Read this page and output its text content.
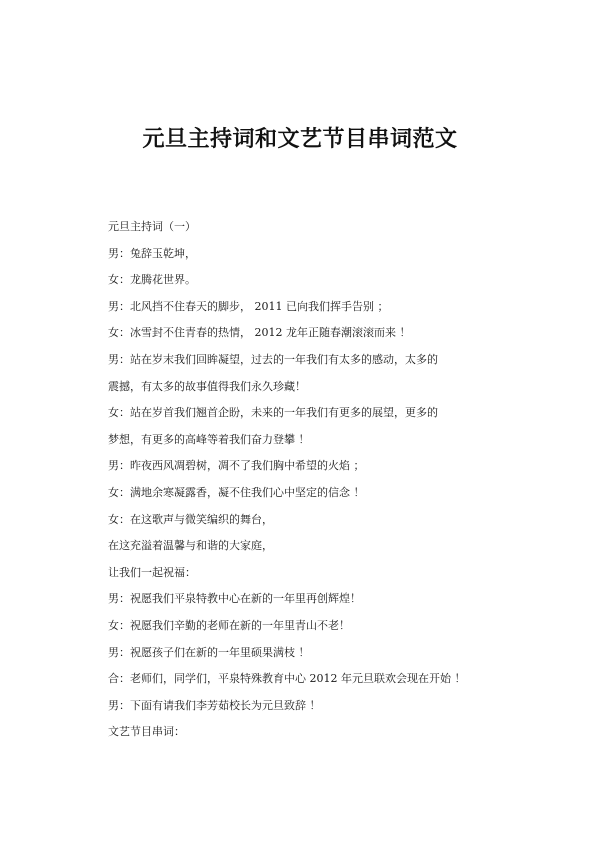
元旦主持词和文艺节目串词范文
元旦主持词（一）
男：兔辞玉乾坤，
女：龙腾花世界。
男：北风挡不住春天的脚步， 2011 已向我们挥手告别 ；
女：冰雪封不住青春的热情， 2012 龙年正随春潮滚滚而来 ！
男：站在岁末我们回眸凝望，过去的一年我们有太多的感动，太多的
震撼，有太多的故事值得我们永久珍藏！
女：站在岁首我们翘首企盼，未来的一年我们有更多的展望，更多的
梦想，有更多的高峰等着我们奋力登攀 ！
男：昨夜西风凋碧树，凋不了我们胸中希望的火焰 ；
女：满地余寒凝露香，凝不住我们心中坚定的信念 ！
女：在这歌声与微笑编织的舞台，
在这充溢着温馨与和谐的大家庭，
让我们一起祝福：
男：祝愿我们平泉特教中心在新的一年里再创辉煌！
女：祝愿我们辛勤的老师在新的一年里青山不老！
男：祝愿孩子们在新的一年里硕果满枝 ！
合：老师们，同学们，平泉特殊教育中心 2012 年元旦联欢会现在开始 ！
男：下面有请我们李芳茹校长为元旦致辞 ！
文艺节目串词：
